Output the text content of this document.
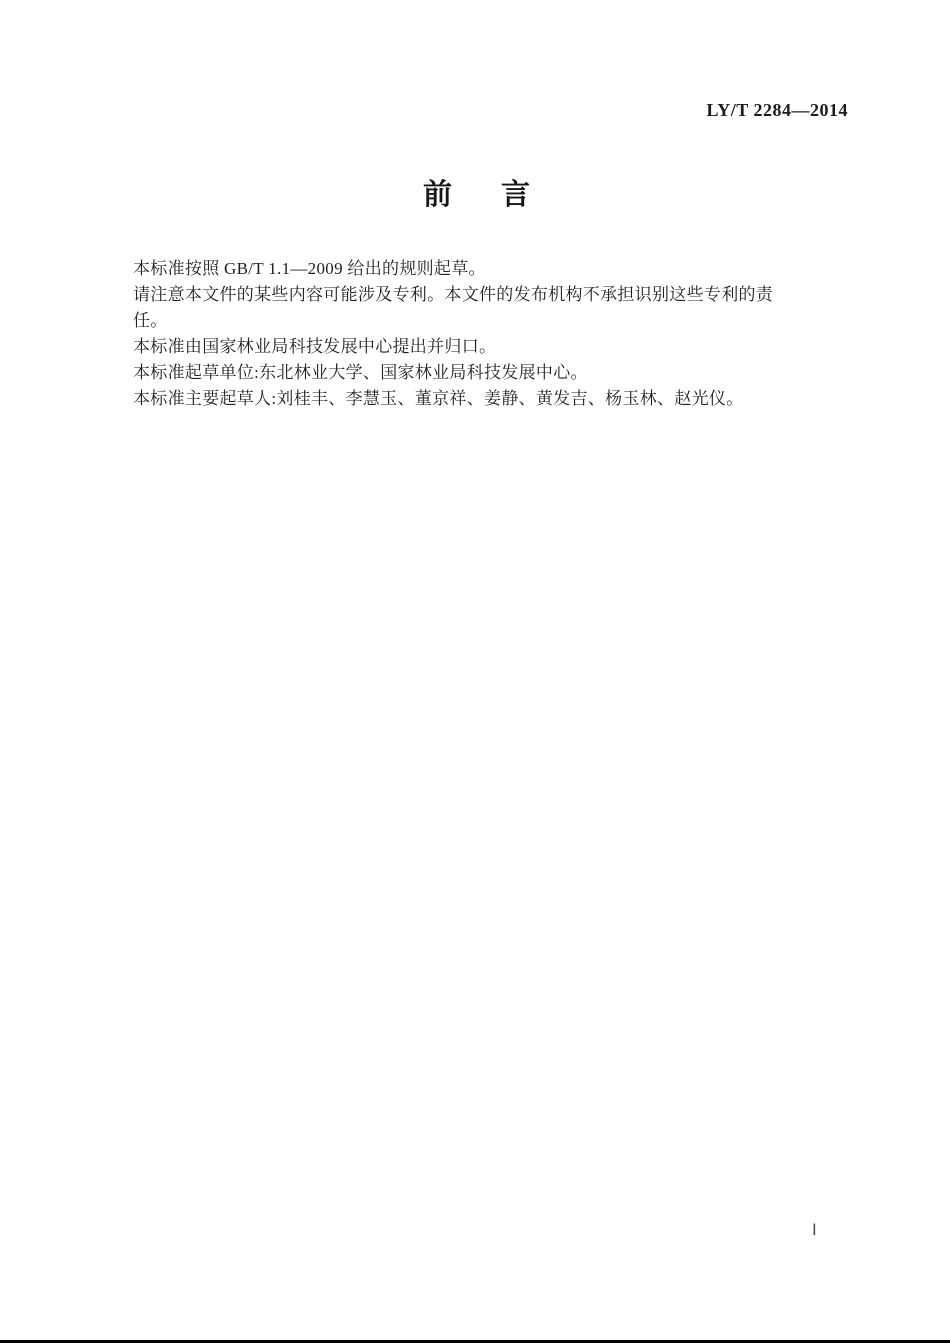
LY/T 2284—2014
前　　言

本标准按照 GB/T 1.1—2009 给出的规则起草。

请注意本文件的某些内容可能涉及专利。本文件的发布机构不承担识别这些专利的责任。

本标准由国家林业局科技发展中心提出并归口。

本标准起草单位:东北林业大学、国家林业局科技发展中心。

本标准主要起草人:刘桂丰、李慧玉、董京祥、姜静、黄发吉、杨玉林、赵光仪。

Ⅰ
